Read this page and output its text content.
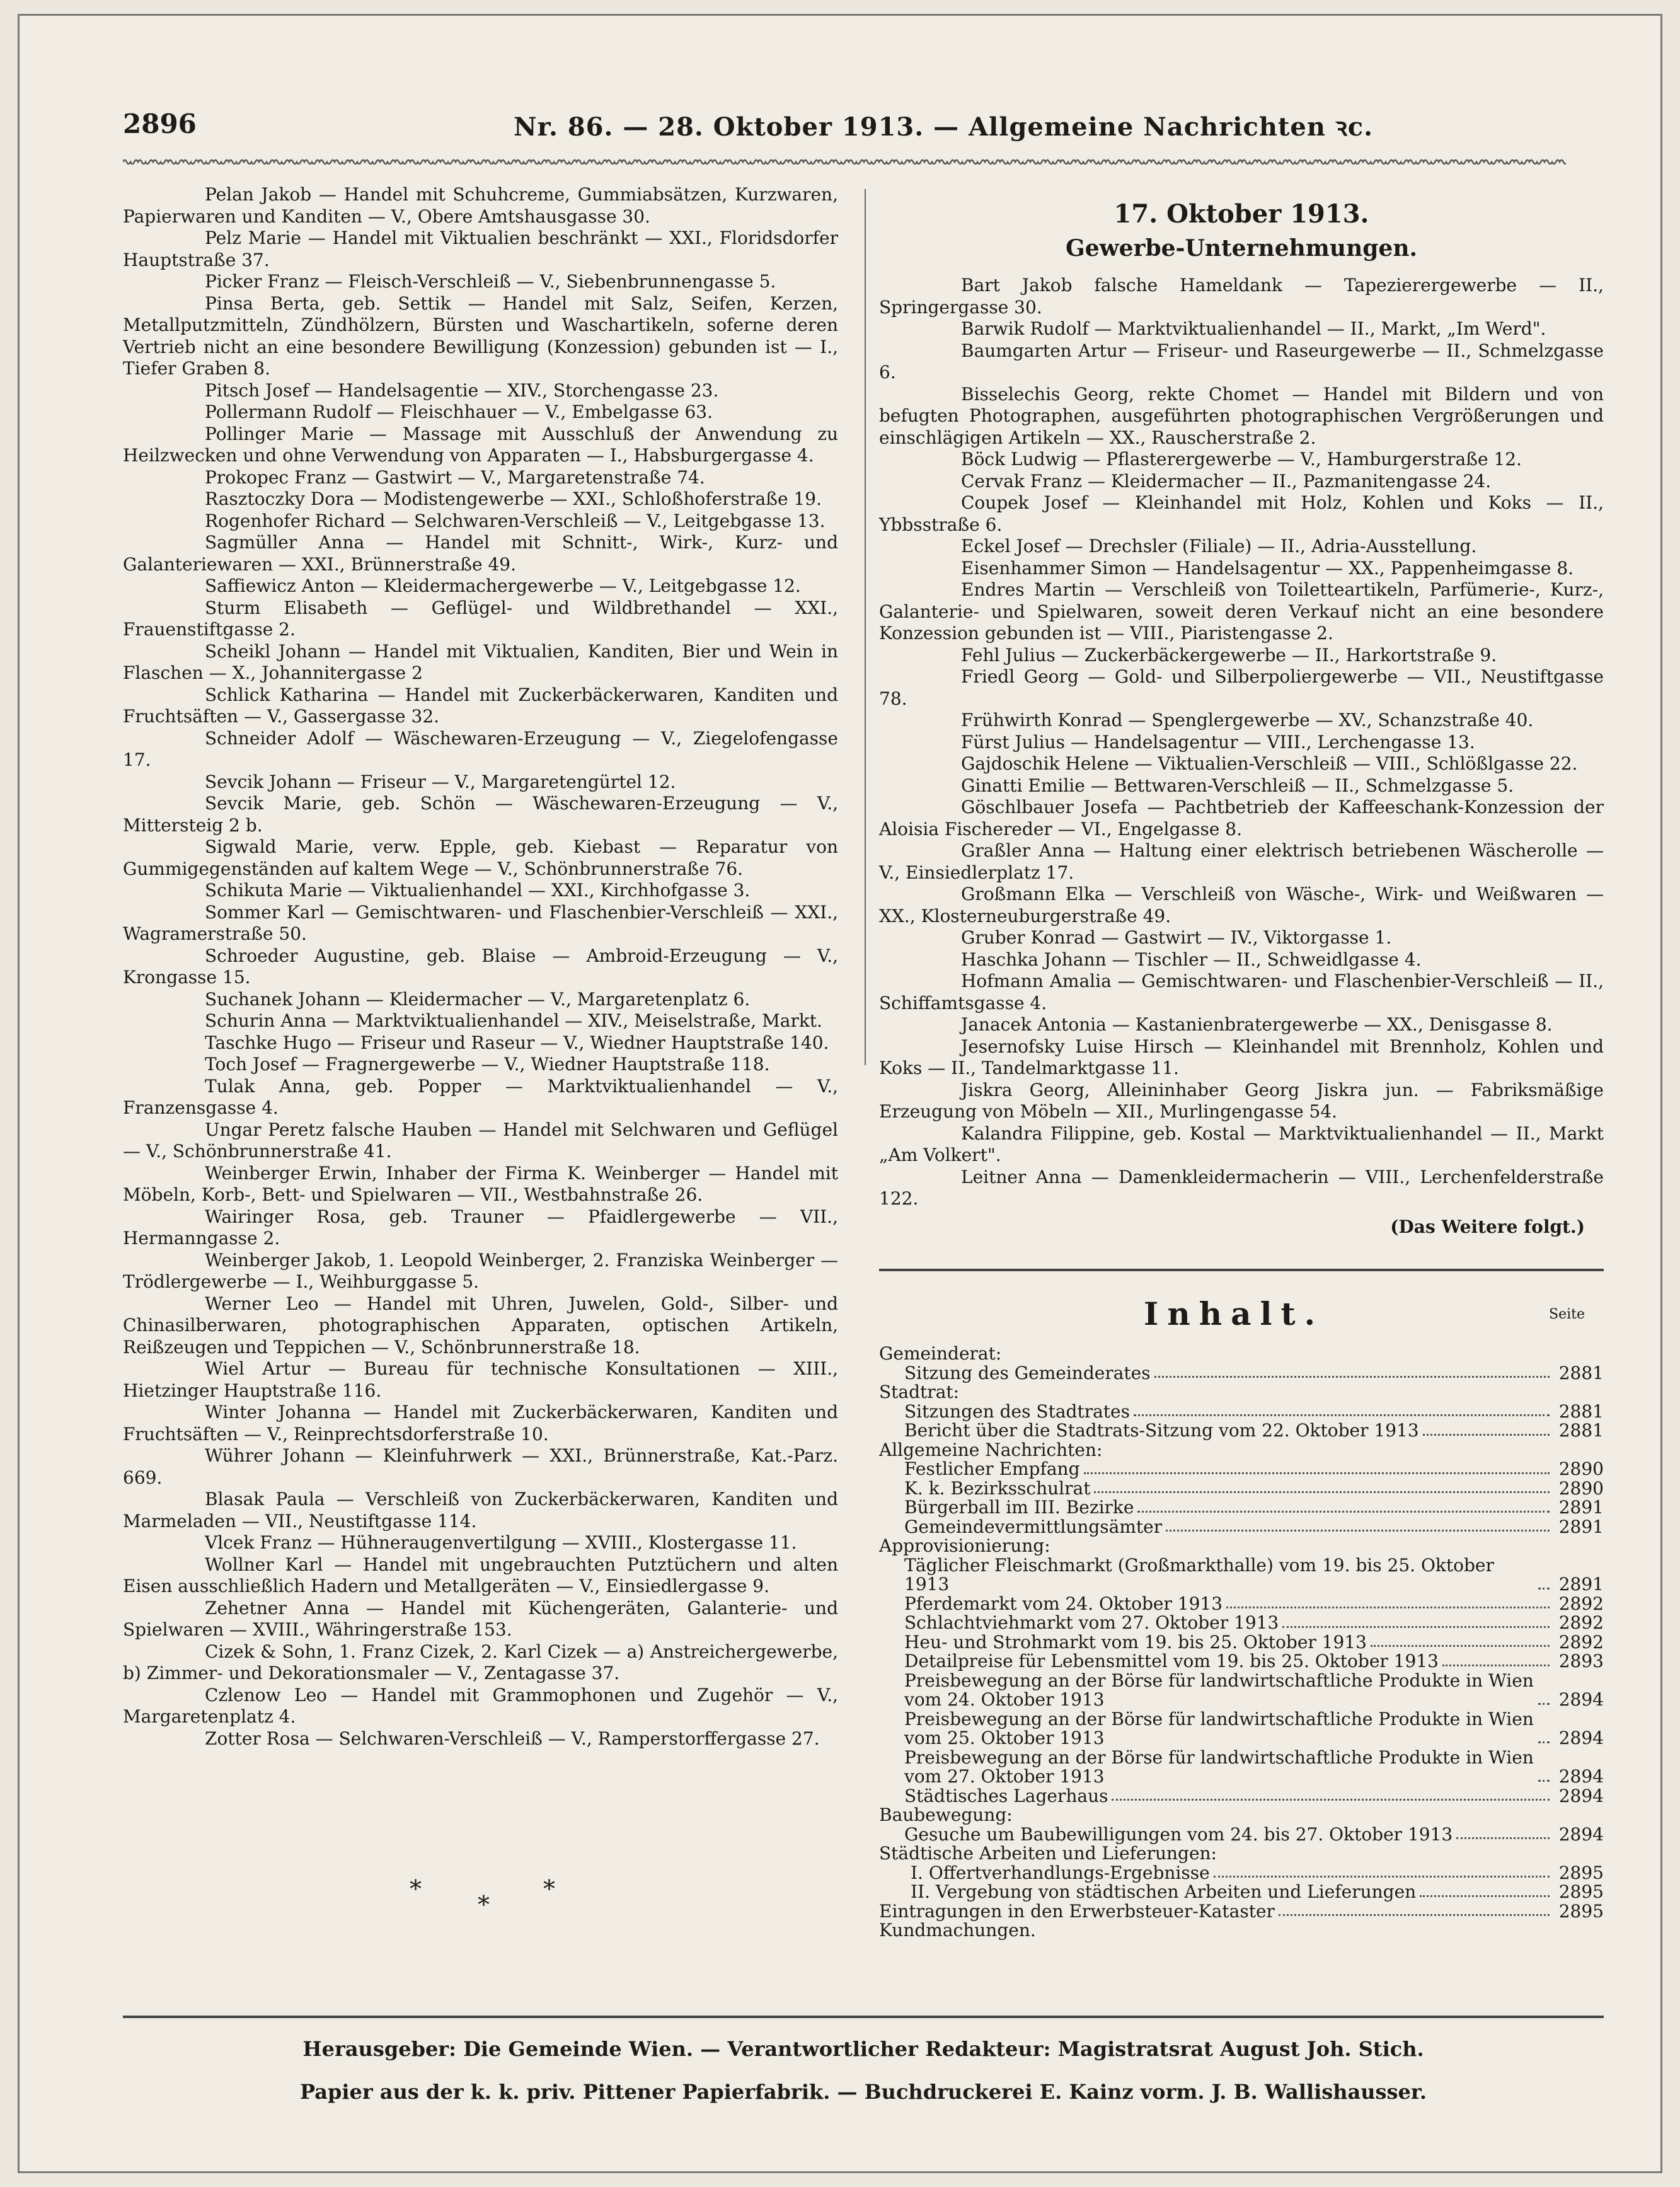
2896	Nr. 86. — 28. Oktober 1913. — Allgemeine Nachrichten ꝛc.

Pelan Jakob — Handel mit Schuhcreme, Gummiabsätzen, Kurzwaren, Papierwaren und Kanditen — V., Obere Amtshausgasse 30.

Pelz Marie — Handel mit Viktualien beschränkt — XXI., Floridsdorfer Hauptstraße 37.

Picker Franz — Fleisch-Verschleiß — V., Siebenbrunnengasse 5.

Pinsa Berta, geb. Settik — Handel mit Salz, Seifen, Kerzen, Metallputzmitteln, Zündhölzern, Bürsten und Waschartikeln, soferne deren Vertrieb nicht an eine besondere Bewilligung (Konzession) gebunden ist — I., Tiefer Graben 8.

Pitsch Josef — Handelsagentie — XIV., Storchengasse 23.

Pollermann Rudolf — Fleischhauer — V., Embelgasse 63.

Pollinger Marie — Massage mit Ausschluß der Anwendung zu Heilzwecken und ohne Verwendung von Apparaten — I., Habsburgergasse 4.

Prokopec Franz — Gastwirt — V., Margaretenstraße 74.

Rasztoczky Dora — Modistengewerbe — XXI., Schloßhoferstraße 19.

Rogenhofer Richard — Selchwaren-Verschleiß — V., Leitgebgasse 13.

Sagmüller Anna — Handel mit Schnitt-, Wirk-, Kurz- und Galanteriewaren — XXI., Brünnerstraße 49.

Saffiewicz Anton — Kleidermachergewerbe — V., Leitgebgasse 12.

Sturm Elisabeth — Geflügel- und Wildbrethandel — XXI., Frauenstiftgasse 2.

Scheikl Johann — Handel mit Viktualien, Kanditen, Bier und Wein in Flaschen — X., Johannitergasse 2

Schlick Katharina — Handel mit Zuckerbäckerwaren, Kanditen und Fruchtsäften — V., Gassergasse 32.

Schneider Adolf — Wäschewaren-Erzeugung — V., Ziegelofengasse 17.

Sevcik Johann — Friseur — V., Margaretengürtel 12.

Sevcik Marie, geb. Schön — Wäschewaren-Erzeugung — V., Mittersteig 2 b.

Sigwald Marie, verw. Epple, geb. Kiebast — Reparatur von Gummigegenständen auf kaltem Wege — V., Schönbrunnerstraße 76.

Schikuta Marie — Viktualienhandel — XXI., Kirchhofgasse 3.

Sommer Karl — Gemischtwaren- und Flaschenbier-Verschleiß — XXI., Wagramerstraße 50.

Schroeder Augustine, geb. Blaise — Ambroid-Erzeugung — V., Krongasse 15.

Suchanek Johann — Kleidermacher — V., Margaretenplatz 6.

Schurin Anna — Marktviktualienhandel — XIV., Meiselstraße, Markt.

Taschke Hugo — Friseur und Raseur — V., Wiedner Hauptstraße 140.

Toch Josef — Fragnergewerbe — V., Wiedner Hauptstraße 118.

Tulak Anna, geb. Popper — Marktviktualienhandel — V., Franzensgasse 4.

Ungar Peretz falsche Hauben — Handel mit Selchwaren und Geflügel — V., Schönbrunnerstraße 41.

Weinberger Erwin, Inhaber der Firma K. Weinberger — Handel mit Möbeln, Korb-, Bett- und Spielwaren — VII., Westbahnstraße 26.

Wairinger Rosa, geb. Trauner — Pfaidlergewerbe — VII., Hermanngasse 2.

Weinberger Jakob, 1. Leopold Weinberger, 2. Franziska Weinberger — Trödlergewerbe — I., Weihburggasse 5.

Werner Leo — Handel mit Uhren, Juwelen, Gold-, Silber- und Chinasilberwaren, photographischen Apparaten, optischen Artikeln, Reißzeugen und Teppichen — V., Schönbrunnerstraße 18.

Wiel Artur — Bureau für technische Konsultationen — XIII., Hietzinger Hauptstraße 116.

Winter Johanna — Handel mit Zuckerbäckerwaren, Kanditen und Fruchtsäften — V., Reinprechtsdorferstraße 10.

Wührer Johann — Kleinfuhrwerk — XXI., Brünnerstraße, Kat.-Parz. 669.

Blasak Paula — Verschleiß von Zuckerbäckerwaren, Kanditen und Marmeladen — VII., Neustiftgasse 114.

Vlcek Franz — Hühneraugenvertilgung — XVIII., Klostergasse 11.

Wollner Karl — Handel mit ungebrauchten Putztüchern und alten Eisen ausschließlich Hadern und Metallgeräten — V., Einsiedlergasse 9.

Zehetner Anna — Handel mit Küchengeräten, Galanterie- und Spielwaren — XVIII., Währingerstraße 153.

Cizek & Sohn, 1. Franz Cizek, 2. Karl Cizek — a) Anstreichergewerbe, b) Zimmer- und Dekorationsmaler — V., Zentagasse 37.

Czlenow Leo — Handel mit Grammophonen und Zugehör — V., Margaretenplatz 4.

Zotter Rosa — Selchwaren-Verschleiß — V., Ramperstorffergasse 27.

17. Oktober 1913.
Gewerbe-Unternehmungen.

Bart Jakob falsche Hameldank — Tapezierergewerbe — II., Springergasse 30.

Barwik Rudolf — Marktviktualienhandel — II., Markt, „Im Werd".

Baumgarten Artur — Friseur- und Raseurgewerbe — II., Schmelzgasse 6.

Bisselechis Georg, rekte Chomet — Handel mit Bildern und von befugten Photographen, ausgeführten photographischen Vergrößerungen und einschlägigen Artikeln — XX., Rauscherstraße 2.

Böck Ludwig — Pflasterergewerbe — V., Hamburgerstraße 12.

Cervak Franz — Kleidermacher — II., Pazmanitengasse 24.

Coupek Josef — Kleinhandel mit Holz, Kohlen und Koks — II., Ybbsstraße 6.

Eckel Josef — Drechsler (Filiale) — II., Adria-Ausstellung.

Eisenhammer Simon — Handelsagentur — XX., Pappenheimgasse 8.

Endres Martin — Verschleiß von Toiletteartikeln, Parfümerie-, Kurz-, Galanterie- und Spielwaren, soweit deren Verkauf nicht an eine besondere Konzession gebunden ist — VIII., Piaristengasse 2.

Fehl Julius — Zuckerbäckergewerbe — II., Harkortstraße 9.

Friedl Georg — Gold- und Silberpoliergewerbe — VII., Neustiftgasse 78.

Frühwirth Konrad — Spenglergewerbe — XV., Schanzstraße 40.

Fürst Julius — Handelsagentur — VIII., Lerchengasse 13.

Gajdoschik Helene — Viktualien-Verschleiß — VIII., Schlößlgasse 22.

Ginatti Emilie — Bettwaren-Verschleiß — II., Schmelzgasse 5.

Göschlbauer Josefa — Pachtbetrieb der Kaffeeschank-Konzession der Aloisia Fischereder — VI., Engelgasse 8.

Graßler Anna — Haltung einer elektrisch betriebenen Wäscherolle — V., Einsiedlerplatz 17.

Großmann Elka — Verschleiß von Wäsche-, Wirk- und Weißwaren — XX., Klosterneuburgerstraße 49.

Gruber Konrad — Gastwirt — IV., Viktorgasse 1.

Haschka Johann — Tischler — II., Schweidlgasse 4.

Hofmann Amalia — Gemischtwaren- und Flaschenbier-Verschleiß — II., Schiffamtsgasse 4.

Janacek Antonia — Kastanienbratergewerbe — XX., Denisgasse 8.

Jesernofsky Luise Hirsch — Kleinhandel mit Brennholz, Kohlen und Koks — II., Tandelmarktgasse 11.

Jiskra Georg, Alleininhaber Georg Jiskra jun. — Fabriksmäßige Erzeugung von Möbeln — XII., Murlingengasse 54.

Kalandra Filippine, geb. Kostal — Marktviktualienhandel — II., Markt „Am Volkert".

Leitner Anna — Damenkleidermacherin — VIII., Lerchenfelderstraße 122.

(Das Weitere folgt.)
Inhalt.	Seite
Gemeinderat:
Sitzung des Gemeinderates	2881
Stadtrat:
Sitzungen des Stadtrates	2881
Bericht über die Stadtrats-Sitzung vom 22. Oktober 1913	2881
Allgemeine Nachrichten:
Festlicher Empfang	2890
K. k. Bezirksschulrat	2890
Bürgerball im III. Bezirke	2891
Gemeindevermittlungsämter	2891
Approvisionierung:
Täglicher Fleischmarkt (Großmarkthalle) vom 19. bis 25. Oktober 1913	2891
Pferdemarkt vom 24. Oktober 1913	2892
Schlachtviehmarkt vom 27. Oktober 1913	2892
Heu- und Strohmarkt vom 19. bis 25. Oktober 1913	2892
Detailpreise für Lebensmittel vom 19. bis 25. Oktober 1913	2893
Preisbewegung an der Börse für landwirtschaftliche Produkte in Wien vom 24. Oktober 1913	2894
Preisbewegung an der Börse für landwirtschaftliche Produkte in Wien vom 25. Oktober 1913	2894
Preisbewegung an der Börse für landwirtschaftliche Produkte in Wien vom 27. Oktober 1913	2894
Städtisches Lagerhaus	2894
Baubewegung:
Gesuche um Baubewilligungen vom 24. bis 27. Oktober 1913	2894
Städtische Arbeiten und Lieferungen:
I. Offertverhandlungs-Ergebnisse	2895
II. Vergebung von städtischen Arbeiten und Lieferungen	2895
Eintragungen in den Erwerbsteuer-Kataster	2895
Kundmachungen.
*
*
*
Herausgeber: Die Gemeinde Wien. — Verantwortlicher Redakteur: Magistratsrat August Joh. Stich.
Papier aus der k. k. priv. Pittener Papierfabrik. — Buchdruckerei E. Kainz vorm. J. B. Wallishausser.
